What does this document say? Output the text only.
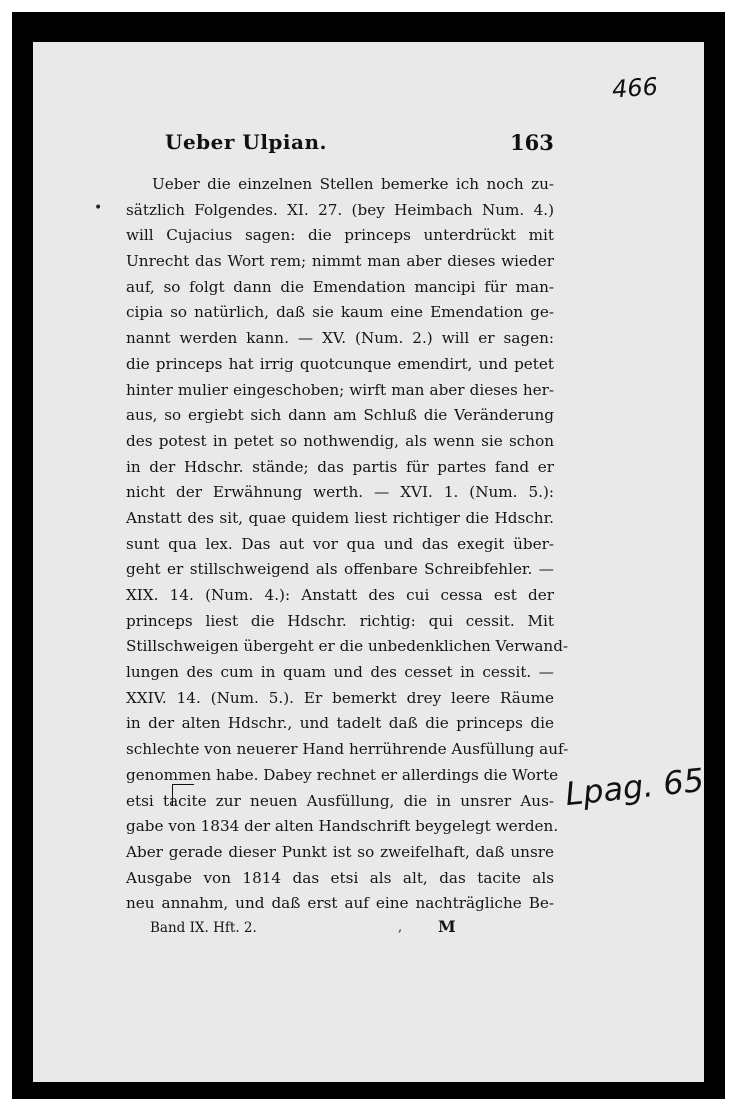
466
Ueber Ulpian.	163
•
Ueber die einzelnen Stellen bemerke ich noch zu-
sätzlich Folgendes. XI. 27. (bey Heimbach Num. 4.)
will Cujacius sagen: die princeps unterdrückt mit
Unrecht das Wort rem; nimmt man aber dieses wieder
auf, so folgt dann die Emendation mancipi für man-
cipia so natürlich, daß sie kaum eine Emendation ge-
nannt werden kann. — XV. (Num. 2.) will er sagen:
die princeps hat irrig quotcunque emendirt, und petet
hinter mulier eingeschoben; wirft man aber dieses her-
aus, so ergiebt sich dann am Schluß die Veränderung
des potest in petet so nothwendig, als wenn sie schon
in der Hdschr. stände; das partis für partes fand er
nicht der Erwähnung werth. — XVI. 1. (Num. 5.):
Anstatt des sit, quae quidem liest richtiger die Hdschr.
sunt qua lex. Das aut vor qua und das exegit über-
geht er stillschweigend als offenbare Schreibfehler. —
XIX. 14. (Num. 4.): Anstatt des cui cessa est der
princeps liest die Hdschr. richtig: qui cessit. Mit
Stillschweigen übergeht er die unbedenklichen Verwand-
lungen des cum in quam und des cesset in cessit. —
XXIV. 14. (Num. 5.). Er bemerkt drey leere Räume
in der alten Hdschr., und tadelt daß die princeps die
schlechte von neuerer Hand herrührende Ausfüllung auf-
genommen habe. Dabey rechnet er allerdings die Worte
etsi tacite zur neuen Ausfüllung, die in unsrer Aus-
gabe von 1834 der alten Handschrift beygelegt werden.
Aber gerade dieser Punkt ist so zweifelhaft, daß unsre
Ausgabe von 1814 das etsi als alt, das tacite als
neu annahm, und daß erst auf eine nachträgliche Be-
Lpag. 65
Band IX. Hft. 2.	, M
